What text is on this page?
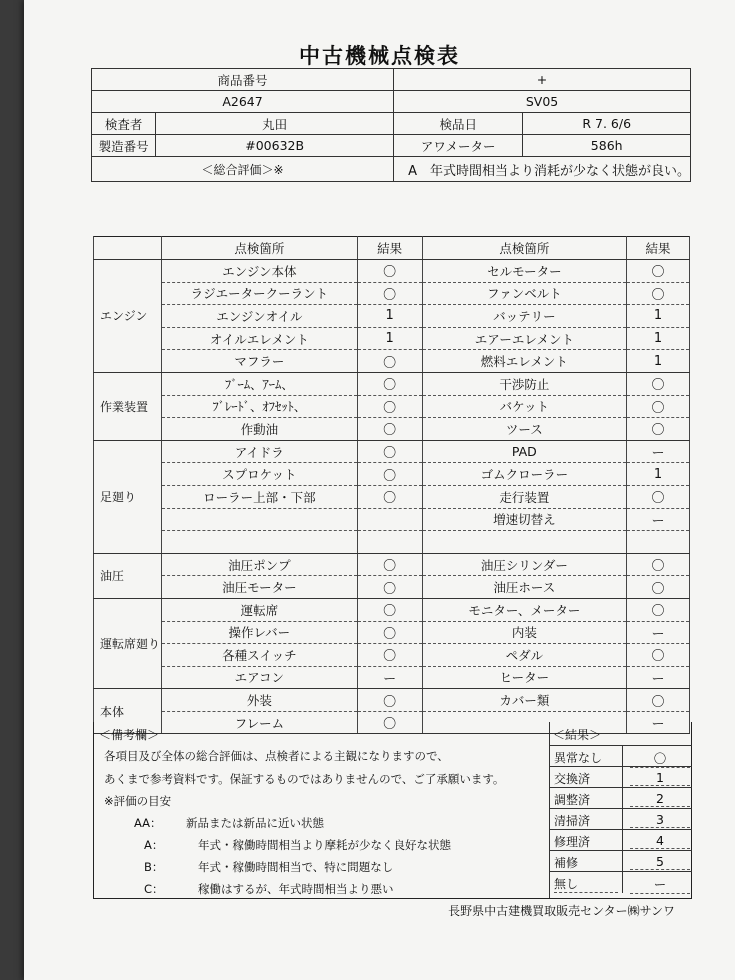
中古機械点検表
商品番号		+	
A2647		SV05	
検査者	丸田	検品日	R 7. 6/6
製造番号	#00632B	アワメーター	586h
＜総合評価＞※		A　年式時間相当より消耗が少なく状態が良い。	
	点検箇所	結果	点検箇所	結果
エンジン	エンジン本体	〇	セルモーター	〇
	ラジエータークーラント	〇	ファンベルト	〇
	エンジンオイル	1	バッテリー	1
	オイルエレメント	1	エアーエレメント	1
	マフラー	〇	燃料エレメント	1
作業装置	ﾌﾞｰﾑ、ｱｰﾑ、	〇	干渉防止	〇
	ﾌﾞﾚｰﾄﾞ、ｵﾌｾｯﾄ、	〇	バケット	〇
	作動油	〇	ツース	〇
足廻り	アイドラ	〇	PAD	ー
	スプロケット	〇	ゴムクローラー	1
	ローラー上部・下部	〇	走行装置	〇
			増速切替え	ー

油圧	油圧ポンプ	〇	油圧シリンダー	〇
	油圧モーター	〇	油圧ホース	〇
運転席廻り	運転席	〇	モニター、メーター	〇
	操作レバー	〇	内装	ー
	各種スイッチ	〇	ペダル	〇
	エアコン	ー	ヒーター	ー
本体	外装	〇	カバー類	〇
	フレーム	〇		ー
＜備考欄＞
各項目及び全体の総合評価は、点検者による主観になりますので、
あくまで参考資料です。保証するものではありませんので、ご了承願います。
※評価の目安
AA： 新品または新品に近い状態
A：	年式・稼働時間相当より摩耗が少なく良好な状態
B：	年式・稼働時間相当で、特に問題なし
C：	稼働はするが、年式時間相当より悪い
＜結果＞
異常なし	〇
交換済	1
調整済	2
清掃済	3
修理済	4
補修	5
無し	ー
長野県中古建機買取販売センター㈱サンワ
